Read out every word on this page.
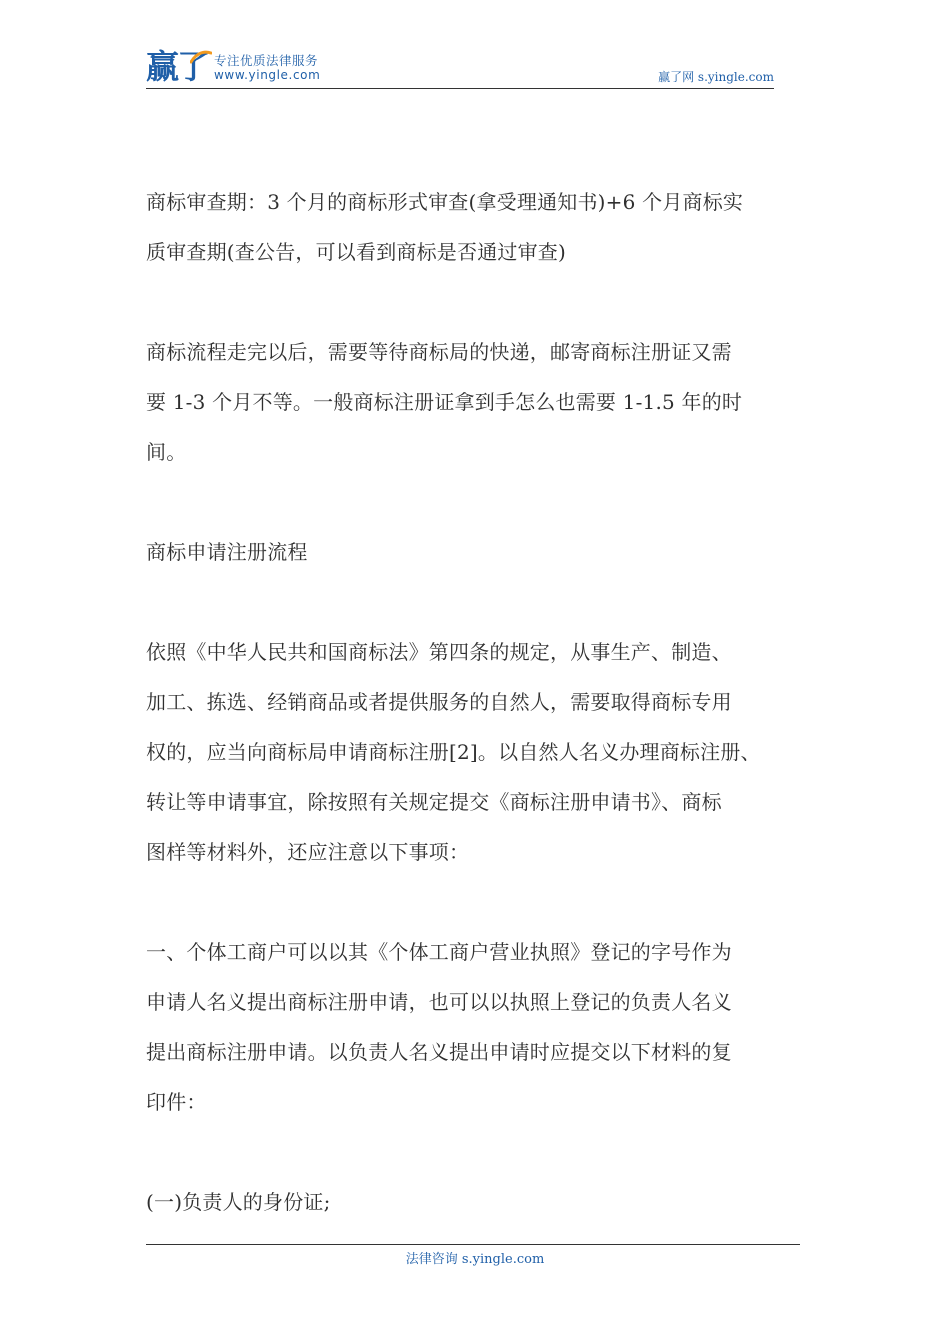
赢了 专注优质法律服务
www.yingle.com	赢了网 s.yingle.com

商标审查期：3 个月的商标形式审查(拿受理通知书)+6 个月商标实
质审查期(查公告，可以看到商标是否通过审查)

商标流程走完以后，需要等待商标局的快递，邮寄商标注册证又需
要 1-3 个月不等。一般商标注册证拿到手怎么也需要 1-1.5 年的时
间。

商标申请注册流程

依照《中华人民共和国商标法》第四条的规定，从事生产、制造、
加工、拣选、经销商品或者提供服务的自然人，需要取得商标专用
权的，应当向商标局申请商标注册[2]。以自然人名义办理商标注册、
转让等申请事宜，除按照有关规定提交《商标注册申请书》、商标
图样等材料外，还应注意以下事项：

一、个体工商户可以以其《个体工商户营业执照》登记的字号作为
申请人名义提出商标注册申请，也可以以执照上登记的负责人名义
提出商标注册申请。以负责人名义提出申请时应提交以下材料的复
印件：

(一)负责人的身份证;

法律咨询 s.yingle.com
